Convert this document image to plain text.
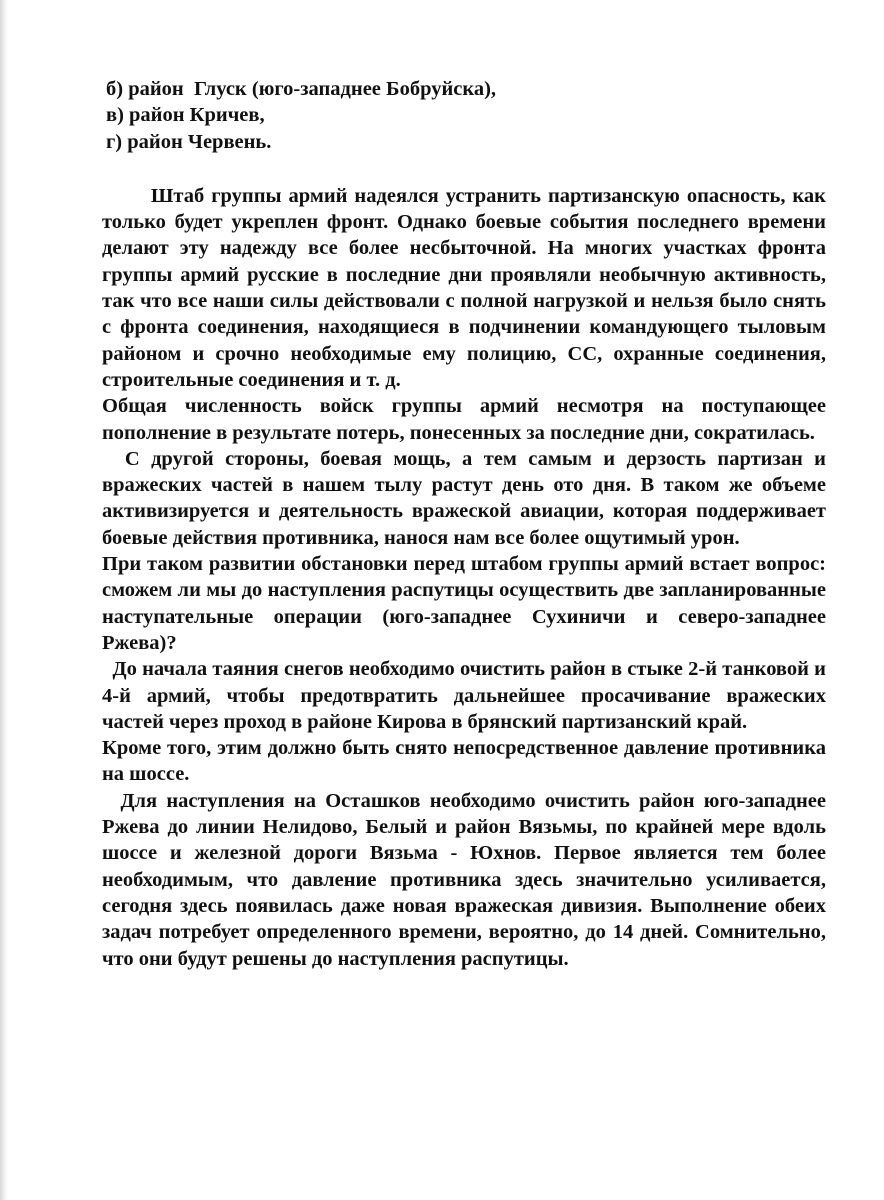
б) район  Глуск (юго-западнее Бобруйска),

в) район Кричев,

г) район Червень.

Штаб группы армий надеялся устранить партизанскую опасность, как только будет укреплен фронт. Однако боевые события последнего времени делают эту надежду все более несбыточной. На многих участках фронта группы армий русские в последние дни проявляли необычную активность, так что все наши силы действовали с полной нагрузкой и нельзя было снять с фронта соединения, находящиеся в подчинении командующего тыловым районом и срочно необходимые ему полицию, СС, охранные соединения, строительные соединения и т. д.

Общая численность войск группы армий несмотря на поступающее пополнение в результате потерь, понесенных за последние дни, сократилась.

С другой стороны, боевая мощь, а тем самым и дерзость партизан и вражеских частей в нашем тылу растут день ото дня. В таком же объеме активизируется и деятельность вражеской авиации, которая поддерживает боевые действия противника, нанося нам все более ощутимый урон.

При таком развитии обстановки перед штабом группы армий встает вопрос: сможем ли мы до наступления распутицы осуществить две запланированные наступательные операции (юго-западнее Сухиничи и северо-западнее Ржева)?

До начала таяния снегов необходимо очистить район в стыке 2-й танковой и 4-й армий, чтобы предотвратить дальнейшее просачивание вражеских частей через проход в районе Кирова в брянский партизанский край.

Кроме того, этим должно быть снято непосредственное давление противника на шоссе.

Для наступления на Осташков необходимо очистить район юго-западнее Ржева до линии Нелидово, Белый и район Вязьмы, по крайней мере вдоль шоссе и железной дороги Вязьма - Юхнов. Первое является тем более необходимым, что давление противника здесь значительно усиливается, сегодня здесь появилась даже новая вражеская дивизия. Выполнение обеих задач потребует определенного времени, вероятно, до 14 дней. Сомнительно, что они будут решены до наступления распутицы.
